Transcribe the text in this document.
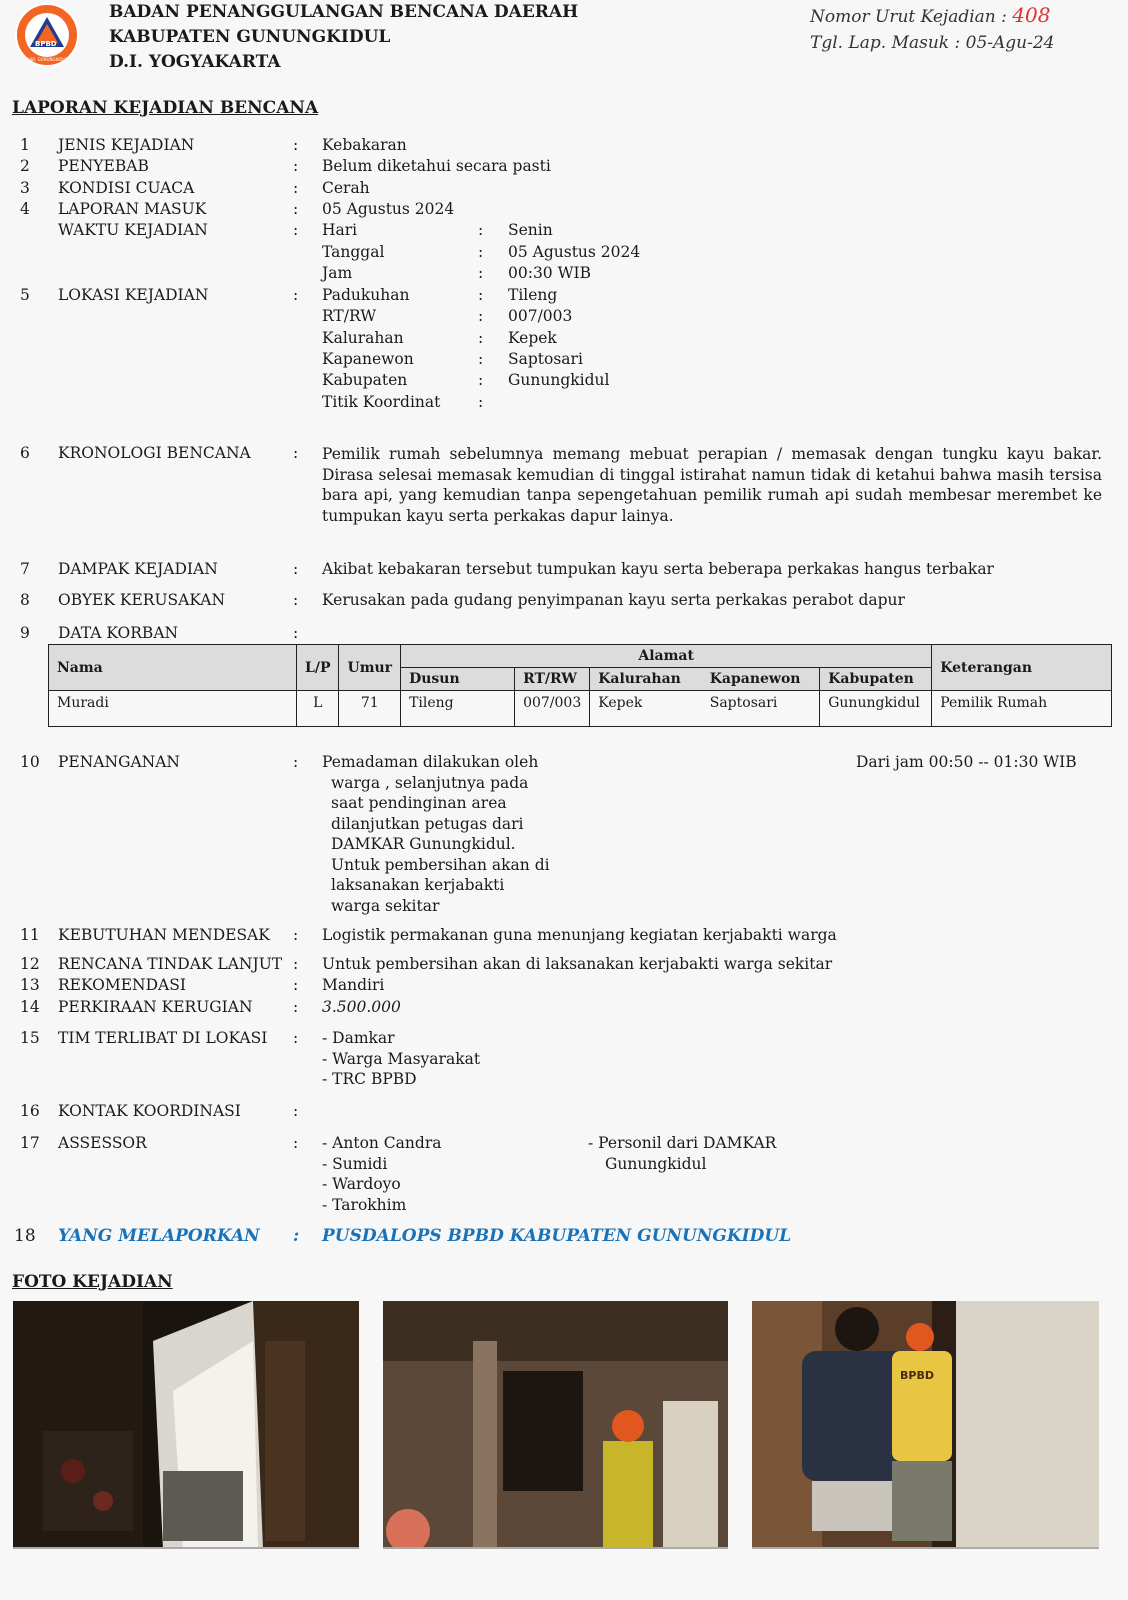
BPBD
KAB. GUNUNGKIDUL
BADAN PENANGGULANGAN BENCANA DAERAH
KABUPATEN GUNUNGKIDUL
D.I. YOGYAKARTA
Nomor Urut Kejadian : 408
Tgl. Lap. Masuk : 05-Agu-24
LAPORAN KEJADIAN BENCANA
1	JENIS KEJADIAN	: Kebakaran
2	PENYEBAB	: Belum diketahui secara pasti
3	KONDISI CUACA	: Cerah
4	LAPORAN MASUK	: 05 Agustus 2024
WAKTU KEJADIAN	: Hari	: Senin
Tanggal	: 05 Agustus 2024
Jam	: 00:30 WIB
5	LOKASI KEJADIAN	: Padukuhan	: Tileng
RT/RW	: 007/003
Kalurahan	: Kepek
Kapanewon	: Saptosari
Kabupaten	: Gunungkidul
Titik Koordinat :
6	KRONOLOGI BENCANA	: Pemilik rumah sebelumnya memang mebuat perapian / memasak dengan tungku kayu bakar. Dirasa selesai memasak kemudian di tinggal istirahat namun tidak di ketahui bahwa masih tersisa bara api, yang kemudian tanpa sepengetahuan pemilik rumah api sudah membesar merembet ke tumpukan kayu serta perkakas dapur lainya.
7	DAMPAK KEJADIAN	: Akibat kebakaran tersebut tumpukan kayu serta beberapa perkakas hangus terbakar
8	OBYEK KERUSAKAN	: Kerusakan pada gudang penyimpanan kayu serta perkakas perabot dapur
9	DATA KORBAN	:
Nama	L/P	Umur	Alamat					Keterangan
			Dusun	RT/RW	Kalurahan	Kapanewon	Kabupaten	
Muradi	L	71	Tileng	007/003	Kepek	Saptosari	Gunungkidul	Pemilik Rumah
10 PENANGANAN	: Pemadaman dilakukan oleh warga , selanjutnya pada saat pendinginan area dilanjutkan petugas dari DAMKAR Gunungkidul. Untuk pembersihan akan di laksanakan kerjabakti warga sekitar
Dari jam 00:50 -- 01:30 WIB
11 KEBUTUHAN MENDESAK : Logistik permakanan guna menunjang kegiatan kerjabakti warga
12 RENCANA TINDAK LANJUT : Untuk pembersihan akan di laksanakan kerjabakti warga sekitar
13 REKOMENDASI	: Mandiri
14 PERKIRAAN KERUGIAN	: 3.500.000
15 TIM TERLIBAT DI LOKASI : - Damkar
- Warga Masyarakat
- TRC BPBD
16 KONTAK KOORDINASI	:
17 ASSESSOR	: - Anton Candra
- Sumidi
- Wardoyo
- Tarokhim
- Personil dari DAMKAR
Gunungkidul
18 YANG MELAPORKAN : PUSDALOPS BPBD KABUPATEN GUNUNGKIDUL
FOTO KEJADIAN
BPBD
